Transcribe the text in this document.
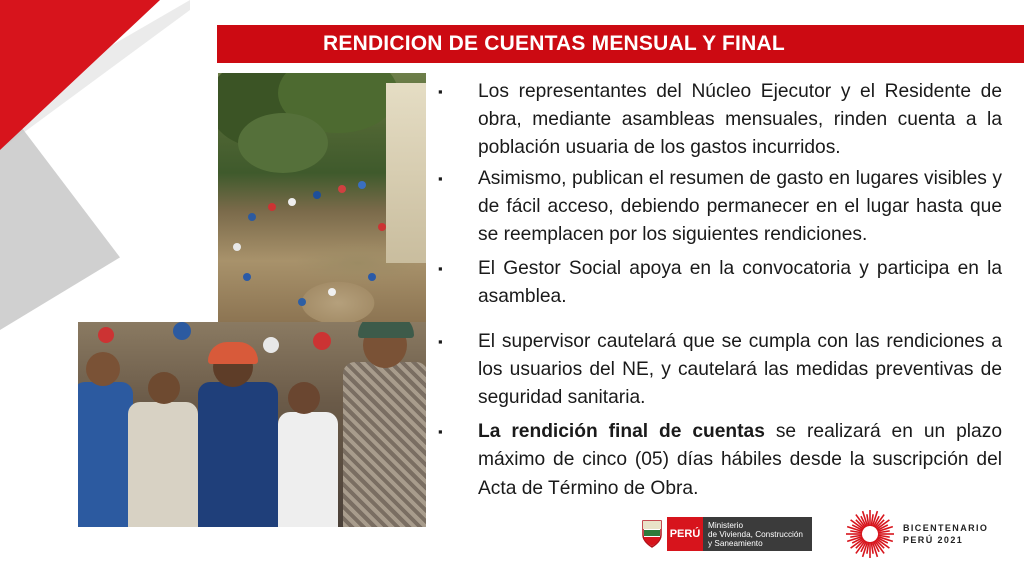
RENDICION DE CUENTAS MENSUAL Y FINAL
▪ Los representantes del Núcleo Ejecutor y el Residente de obra, mediante asambleas mensuales, rinden cuenta a la población usuaria de los gastos incurridos.
▪ Asimismo, publican el resumen de gasto en lugares visibles y de fácil acceso, debiendo permanecer en el lugar hasta que se reemplacen por los siguientes rendiciones.
▪ El Gestor Social apoya en la convocatoria y participa en la asamblea.
▪ El supervisor cautelará que se cumpla con las rendiciones a los usuarios del NE, y cautelará las medidas preventivas de seguridad sanitaria.
▪ La rendición final de cuentas se realizará en un plazo máximo de cinco (05) días hábiles desde la suscripción del Acta de Término de Obra.
PERÚ
Ministerio
de Vivienda, Construcción
y Saneamiento
BICENTENARIO
PERÚ 2021
